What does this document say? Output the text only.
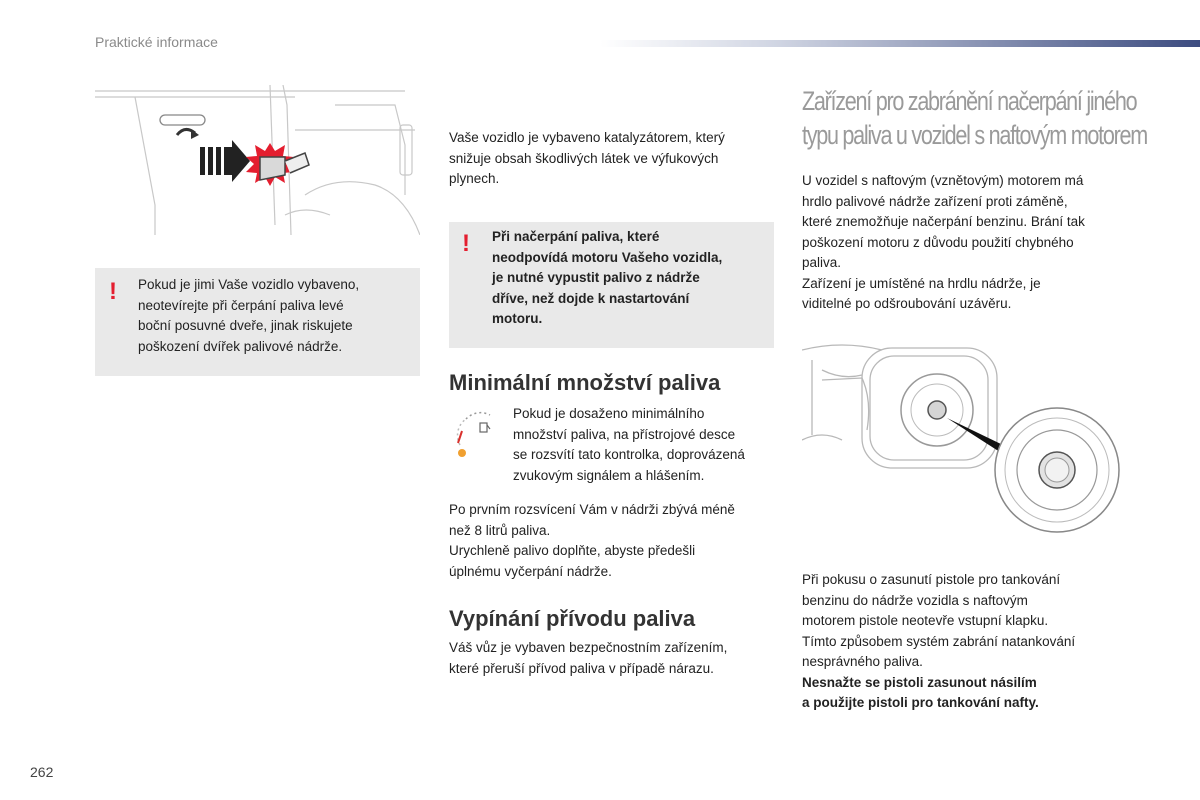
Praktické informace
! Pokud je jimi Vaše vozidlo vybaveno,
neotevírejte při čerpání paliva levé
boční posuvné dveře, jinak riskujete
poškození dvířek palivové nádrže.
Vaše vozidlo je vybaveno katalyzátorem, který
snižuje obsah škodlivých látek ve výfukových
plynech.
! Při načerpání paliva, které
neodpovídá motoru Vašeho vozidla,
je nutné vypustit palivo z nádrže
dříve, než dojde k nastartování
motoru.
Minimální množství paliva
Pokud je dosaženo minimálního
množství paliva, na přístrojové desce
se rozsvítí tato kontrolka, doprovázená
zvukovým signálem a hlášením.
Po prvním rozsvícení Vám v nádrži zbývá méně
než 8 litrů paliva.
Urychleně palivo doplňte, abyste předešli
úplnému vyčerpání nádrže.
Vypínání přívodu paliva
Váš vůz je vybaven bezpečnostním zařízením,
které přeruší přívod paliva v případě nárazu.
Zařízení pro zabránění načerpání jiného
typu paliva u vozidel s naftovým motorem
U vozidel s naftovým (vznětovým) motorem má
hrdlo palivové nádrže zařízení proti záměně,
které znemožňuje načerpání benzinu. Brání tak
poškození motoru z důvodu použití chybného
paliva.
Zařízení je umístěné na hrdlu nádrže, je
viditelné po odšroubování uzávěru.
Při pokusu o zasunutí pistole pro tankování
benzinu do nádrže vozidla s naftovým
motorem pistole neotevře vstupní klapku.
Tímto způsobem systém zabrání natankování
nesprávného paliva.
Nesnažte se pistoli zasunout násilím
a použijte pistoli pro tankování nafty.
262
